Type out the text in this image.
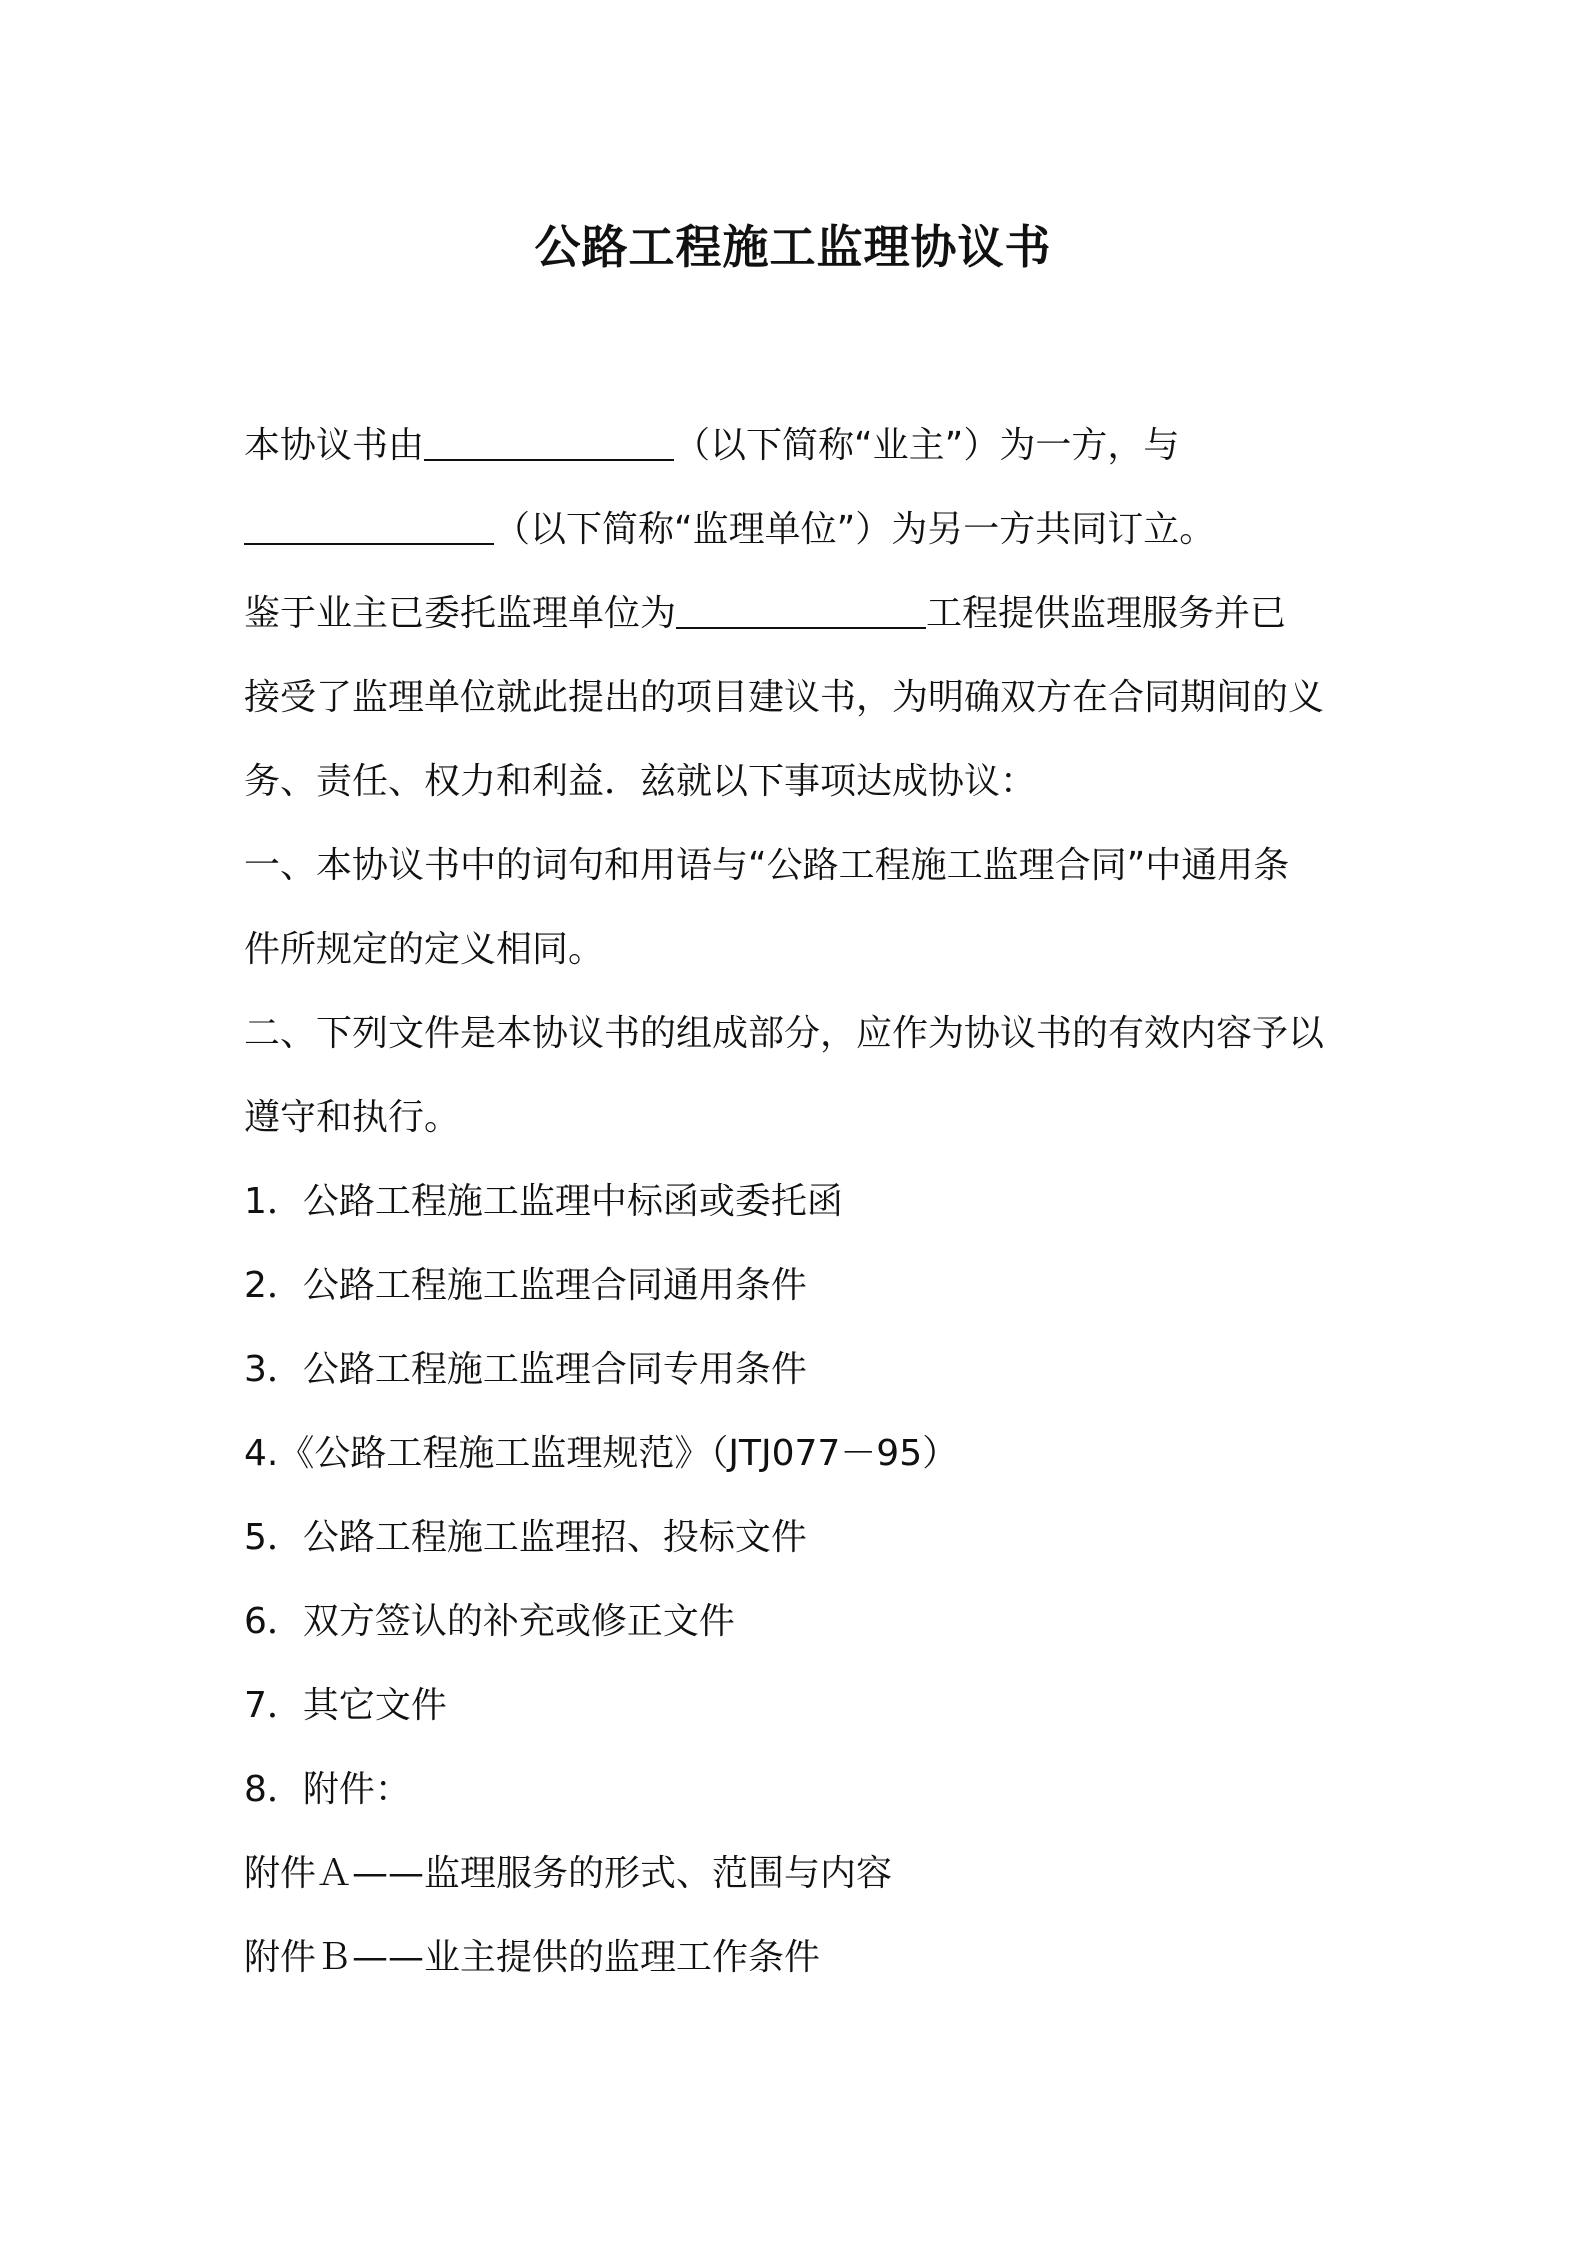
公路工程施工监理协议书
本协议书由	（以下简称“业主”）为一方，与
（以下简称“监理单位”）为另一方共同订立。
鉴于业主已委托监理单位为	工程提供监理服务并已
接受了监理单位就此提出的项目建议书，为明确双方在合同期间的义
务、责任、权力和利益．兹就以下事项达成协议：
一、本协议书中的词句和用语与“公路工程施工监理合同”中通用条
件所规定的定义相同。
二、下列文件是本协议书的组成部分，应作为协议书的有效内容予以
遵守和执行。
1．公路工程施工监理中标函或委托函
2．公路工程施工监理合同通用条件
3．公路工程施工监理合同专用条件
4.《公路工程施工监理规范》（JTJ077－95）
5．公路工程施工监理招、投标文件
6．双方签认的补充或修正文件
7．其它文件
8．附件：
附件Ａ——监理服务的形式、范围与内容
附件Ｂ——业主提供的监理工作条件
